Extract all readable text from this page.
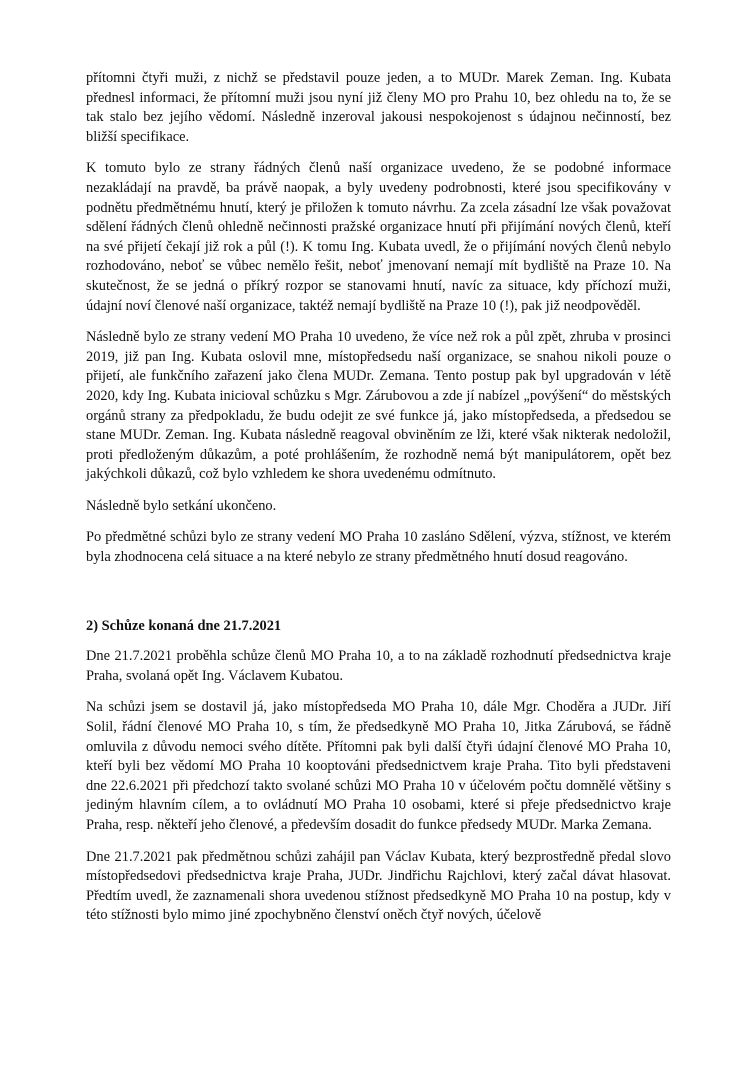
přítomni čtyři muži, z nichž se představil pouze jeden, a to MUDr. Marek Zeman. Ing. Kubata přednesl informaci, že přítomní muži jsou nyní již členy MO pro Prahu 10, bez ohledu na to, že se tak stalo bez jejího vědomí. Následně inzeroval jakousi nespokojenost s údajnou nečinností, bez bližší specifikace.

K tomuto bylo ze strany řádných členů naší organizace uvedeno, že se podobné informace nezakládají na pravdě, ba právě naopak, a byly uvedeny podrobnosti, které jsou specifikovány v podnětu předmětnému hnutí, který je přiložen k tomuto návrhu. Za zcela zásadní lze však považovat sdělení řádných členů ohledně nečinnosti pražské organizace hnutí při přijímání nových členů, kteří na své přijetí čekají již rok a půl (!). K tomu Ing. Kubata uvedl, že o přijímání nových členů nebylo rozhodováno, neboť se vůbec nemělo řešit, neboť jmenovaní nemají mít bydliště na Praze 10. Na skutečnost, že se jedná o příkrý rozpor se stanovami hnutí, navíc za situace, kdy příchozí muži, údajní noví členové naší organizace, taktéž nemají bydliště na Praze 10 (!), pak již neodpověděl.

Následně bylo ze strany vedení MO Praha 10 uvedeno, že více než rok a půl zpět, zhruba v prosinci 2019, již pan Ing. Kubata oslovil mne, místopředsedu naší organizace, se snahou nikoli pouze o přijetí, ale funkčního zařazení jako člena MUDr. Zemana. Tento postup pak byl upgradován v létě 2020, kdy Ing. Kubata inicioval schůzku s Mgr. Zárubovou a zde jí nabízel „povýšení“ do městských orgánů strany za předpokladu, že budu odejit ze své funkce já, jako místopředseda, a předsedou se stane MUDr. Zeman. Ing. Kubata následně reagoval obviněním ze lži, které však nikterak nedoložil, proti předloženým důkazům, a poté prohlášením, že rozhodně nemá být manipulátorem, opět bez jakýchkoli důkazů, což bylo vzhledem ke shora uvedenému odmítnuto.

Následně bylo setkání ukončeno.

Po předmětné schůzi bylo ze strany vedení MO Praha 10 zasláno Sdělení, výzva, stížnost, ve kterém byla zhodnocena celá situace a na které nebylo ze strany předmětného hnutí dosud reagováno.

2) Schůze konaná dne 21.7.2021

Dne 21.7.2021 proběhla schůze členů MO Praha 10, a to na základě rozhodnutí předsednictva kraje Praha, svolaná opět Ing. Václavem Kubatou.

Na schůzi jsem se dostavil já, jako místopředseda MO Praha 10, dále Mgr. Choděra a JUDr. Jiří Solil, řádní členové MO Praha 10, s tím, že předsedkyně MO Praha 10, Jitka Zárubová, se řádně omluvila z důvodu nemoci svého dítěte. Přítomni pak byli další čtyři údajní členové MO Praha 10, kteří byli bez vědomí MO Praha 10 kooptováni předsednictvem kraje Praha. Tito byli představeni dne 22.6.2021 při předchozí takto svolané schůzi MO Praha 10 v účelovém počtu domnělé většiny s jediným hlavním cílem, a to ovládnutí MO Praha 10 osobami, které si přeje předsednictvo kraje Praha, resp. někteří jeho členové, a především dosadit do funkce předsedy MUDr. Marka Zemana.

Dne 21.7.2021 pak předmětnou schůzi zahájil pan Václav Kubata, který bezprostředně předal slovo místopředsedovi předsednictva kraje Praha, JUDr. Jindřichu Rajchlovi, který začal dávat hlasovat. Předtím uvedl, že zaznamenali shora uvedenou stížnost předsedkyně MO Praha 10 na postup, kdy v této stížnosti bylo mimo jiné zpochybněno členství oněch čtyř nových, účelově
